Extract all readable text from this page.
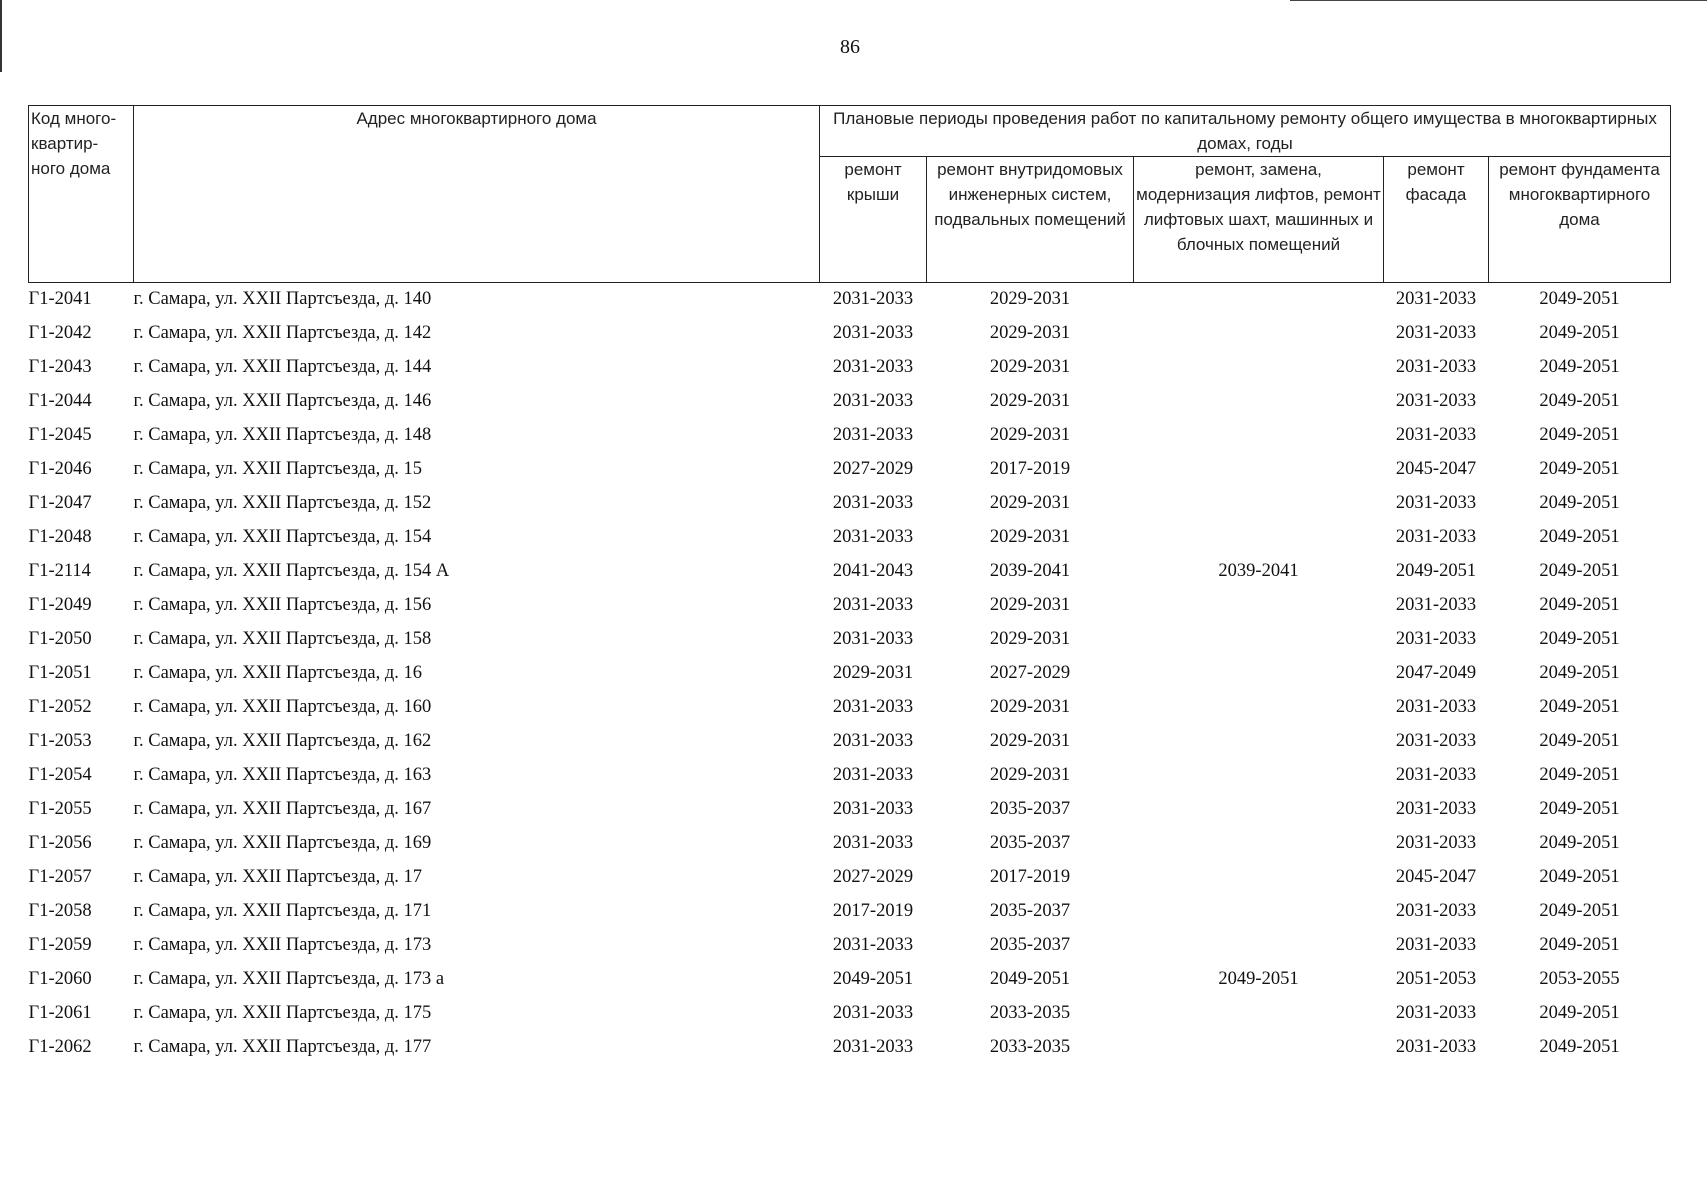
86
Код много-квартир-ного дома	Адрес многоквартирного дома	Плановые периоды проведения работ по капитальному ремонту общего имущества в многоквартирных домах, годы				
		ремонт крыши	ремонт внутридомовых инженерных систем, подвальных помещений	ремонт, замена, модернизация лифтов, ремонт лифтовых шахт, машинных и блочных помещений	ремонт фасада	ремонт фундамента многоквартирного дома
Г1-2041	г. Самара, ул. XXII Партсъезда, д. 140	2031-2033	2029-2031		2031-2033	2049-2051
Г1-2042	г. Самара, ул. XXII Партсъезда, д. 142	2031-2033	2029-2031		2031-2033	2049-2051
Г1-2043	г. Самара, ул. XXII Партсъезда, д. 144	2031-2033	2029-2031		2031-2033	2049-2051
Г1-2044	г. Самара, ул. XXII Партсъезда, д. 146	2031-2033	2029-2031		2031-2033	2049-2051
Г1-2045	г. Самара, ул. XXII Партсъезда, д. 148	2031-2033	2029-2031		2031-2033	2049-2051
Г1-2046	г. Самара, ул. XXII Партсъезда, д. 15	2027-2029	2017-2019		2045-2047	2049-2051
Г1-2047	г. Самара, ул. XXII Партсъезда, д. 152	2031-2033	2029-2031		2031-2033	2049-2051
Г1-2048	г. Самара, ул. XXII Партсъезда, д. 154	2031-2033	2029-2031		2031-2033	2049-2051
Г1-2114	г. Самара, ул. XXII Партсъезда, д. 154 А	2041-2043	2039-2041	2039-2041	2049-2051	2049-2051
Г1-2049	г. Самара, ул. XXII Партсъезда, д. 156	2031-2033	2029-2031		2031-2033	2049-2051
Г1-2050	г. Самара, ул. XXII Партсъезда, д. 158	2031-2033	2029-2031		2031-2033	2049-2051
Г1-2051	г. Самара, ул. XXII Партсъезда, д. 16	2029-2031	2027-2029		2047-2049	2049-2051
Г1-2052	г. Самара, ул. XXII Партсъезда, д. 160	2031-2033	2029-2031		2031-2033	2049-2051
Г1-2053	г. Самара, ул. XXII Партсъезда, д. 162	2031-2033	2029-2031		2031-2033	2049-2051
Г1-2054	г. Самара, ул. XXII Партсъезда, д. 163	2031-2033	2029-2031		2031-2033	2049-2051
Г1-2055	г. Самара, ул. XXII Партсъезда, д. 167	2031-2033	2035-2037		2031-2033	2049-2051
Г1-2056	г. Самара, ул. XXII Партсъезда, д. 169	2031-2033	2035-2037		2031-2033	2049-2051
Г1-2057	г. Самара, ул. XXII Партсъезда, д. 17	2027-2029	2017-2019		2045-2047	2049-2051
Г1-2058	г. Самара, ул. XXII Партсъезда, д. 171	2017-2019	2035-2037		2031-2033	2049-2051
Г1-2059	г. Самара, ул. XXII Партсъезда, д. 173	2031-2033	2035-2037		2031-2033	2049-2051
Г1-2060	г. Самара, ул. XXII Партсъезда, д. 173 а	2049-2051	2049-2051	2049-2051	2051-2053	2053-2055
Г1-2061	г. Самара, ул. XXII Партсъезда, д. 175	2031-2033	2033-2035		2031-2033	2049-2051
Г1-2062	г. Самара, ул. XXII Партсъезда, д. 177	2031-2033	2033-2035		2031-2033	2049-2051
